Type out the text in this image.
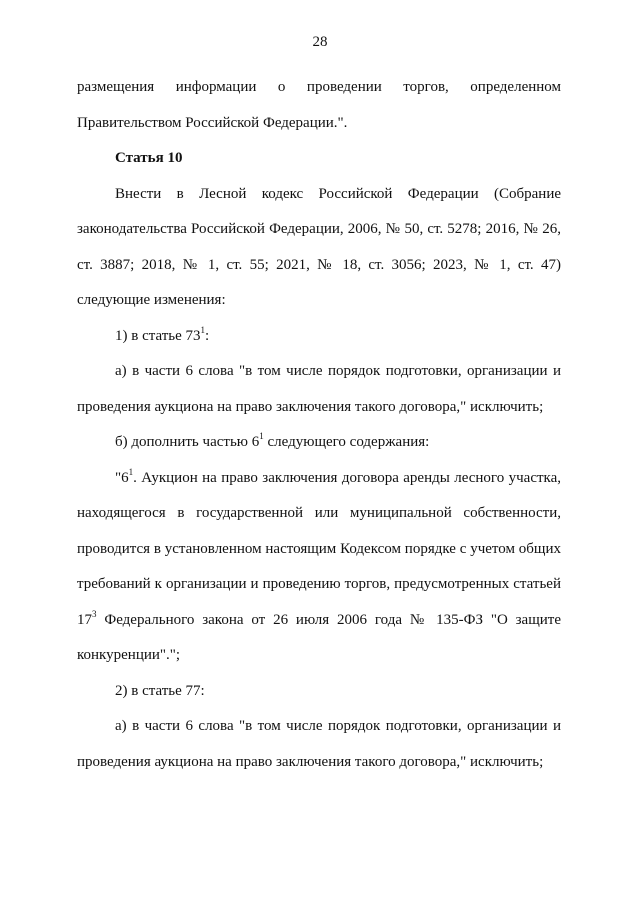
28

размещения информации о проведении торгов, определенном

Правительством Российской Федерации.".

Статья 10

Внести в Лесной кодекс Российской Федерации (Собрание законодательства Российской Федерации, 2006, № 50, ст. 5278; 2016, № 26, ст. 3887; 2018, № 1, ст. 55; 2021, № 18, ст. 3056; 2023, № 1, ст. 47) следующие изменения:

1) в статье $73^1$:

а) в части 6 слова "в том числе порядок подготовки, организации и проведения аукциона на право заключения такого договора," исключить;

б) дополнить частью $6^1$ следующего содержания:

"$6^1$. Аукцион на право заключения договора аренды лесного участка, находящегося в государственной или муниципальной собственности, проводится в установленном настоящим Кодексом порядке с учетом общих требований к организации и проведению торгов, предусмотренных статьей $17^3$ Федерального закона от 26 июля 2006 года № 135-ФЗ "О защите конкуренции".";

2) в статье 77:

а) в части 6 слова "в том числе порядок подготовки, организации и проведения аукциона на право заключения такого договора," исключить;
